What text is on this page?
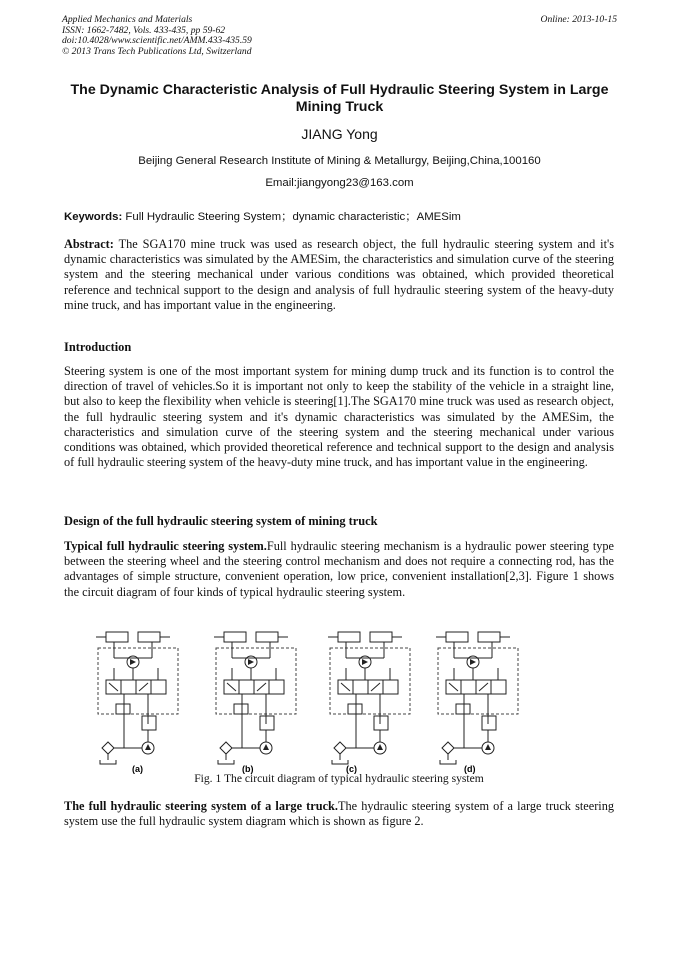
Applied Mechanics and Materials
ISSN: 1662-7482, Vols. 433-435, pp 59-62
doi:10.4028/www.scientific.net/AMM.433-435.59
© 2013 Trans Tech Publications Ltd, Switzerland
Online: 2013-10-15
The Dynamic Characteristic Analysis of Full Hydraulic Steering System in Large Mining Truck
JIANG Yong
Beijing General Research Institute of Mining & Metallurgy, Beijing,China,100160
Email:jiangyong23@163.com
Keywords: Full Hydraulic Steering System；dynamic characteristic；AMESim
Abstract: The SGA170 mine truck was used as research object, the full hydraulic steering system and it's dynamic characteristics was simulated by the AMESim, the characteristics and simulation curve of the steering system and the steering mechanical under various conditions was obtained, which provided theoretical reference and technical support to the design and analysis of full hydraulic steering system of the heavy-duty mine truck, and has important value in the engineering.
Introduction
Steering system is one of the most important system for mining dump truck and its function is to control the direction of travel of vehicles.So it is important not only to keep the stability of the vehicle in a straight line, but also to keep the flexibility when vehicle is steering[1].The SGA170 mine truck was used as research object, the full hydraulic steering system and it's dynamic characteristics was simulated by the AMESim, the characteristics and simulation curve of the steering system and the steering mechanical under various conditions was obtained, which provided theoretical reference and technical support to the design and analysis of full hydraulic steering system of the heavy-duty mine truck, and has important value in the engineering.
Design of the full hydraulic steering system of mining truck
Typical full hydraulic steering system.Full hydraulic steering mechanism is a hydraulic power steering type between the steering wheel and the steering control mechanism and does not require a connecting rod, has the advantages of simple structure, convenient operation, low price, convenient installation[2,3]. Figure 1 shows the circuit diagram of four kinds of typical hydraulic steering system.
(a)	(b)	(c)	(d)
Fig. 1 The circuit diagram of typical hydraulic steering system
The full hydraulic steering system of a large truck.The hydraulic steering system of a large truck steering system use the full hydraulic system diagram which is shown as figure 2.
